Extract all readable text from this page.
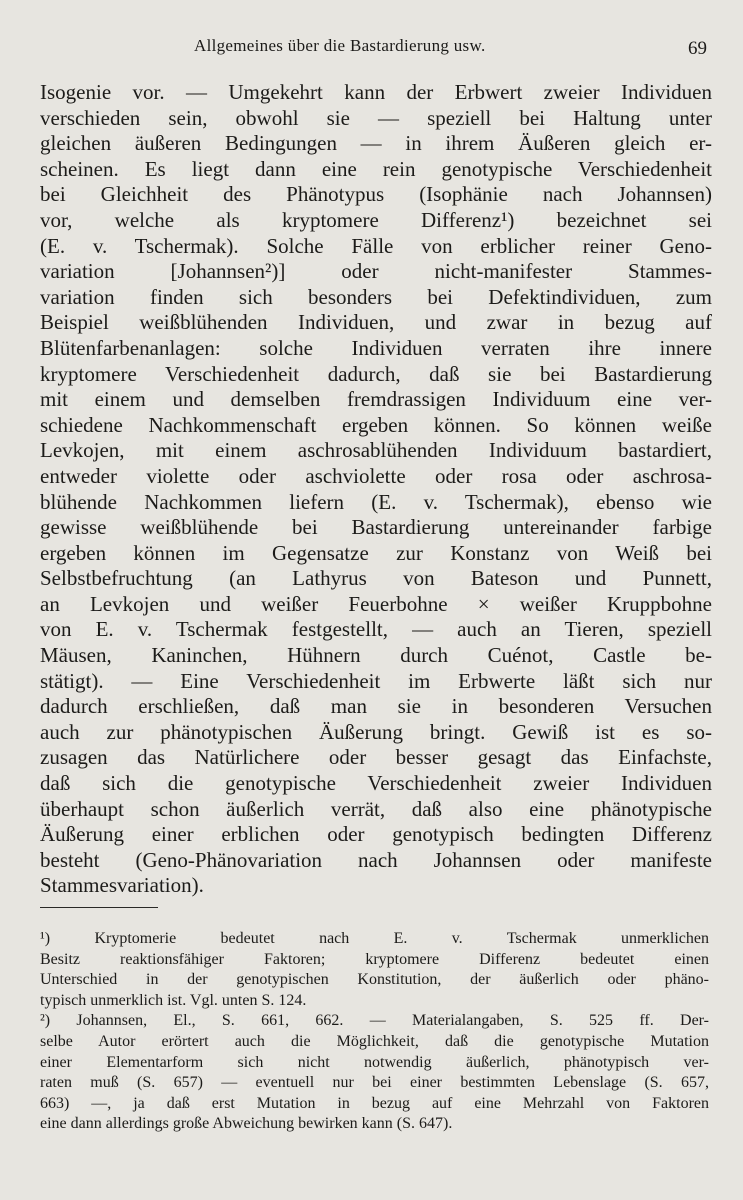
Allgemeines über die Bastardierung usw.	69
Isogenie vor. — Umgekehrt kann der Erbwert zweier Individuen
verschieden sein, obwohl sie — speziell bei Haltung unter
gleichen äußeren Bedingungen — in ihrem Äußeren gleich er-
scheinen. Es liegt dann eine rein genotypische Verschiedenheit
bei Gleichheit des Phänotypus (Isophänie nach Johannsen)
vor, welche als kryptomere Differenz¹) bezeichnet sei
(E. v. Tschermak). Solche Fälle von erblicher reiner Geno-
variation [Johannsen²)] oder nicht-manifester Stammes-
variation finden sich besonders bei Defektindividuen, zum
Beispiel weißblühenden Individuen, und zwar in bezug auf
Blütenfarbenanlagen: solche Individuen verraten ihre innere
kryptomere Verschiedenheit dadurch, daß sie bei Bastardierung
mit einem und demselben fremdrassigen Individuum eine ver-
schiedene Nachkommenschaft ergeben können. So können weiße
Levkojen, mit einem aschrosablühenden Individuum bastardiert,
entweder violette oder aschviolette oder rosa oder aschrosa-
blühende Nachkommen liefern (E. v. Tschermak), ebenso wie
gewisse weißblühende bei Bastardierung untereinander farbige
ergeben können im Gegensatze zur Konstanz von Weiß bei
Selbstbefruchtung (an Lathyrus von Bateson und Punnett,
an Levkojen und weißer Feuerbohne × weißer Kruppbohne
von E. v. Tschermak festgestellt, — auch an Tieren, speziell
Mäusen, Kaninchen, Hühnern durch Cuénot, Castle be-
stätigt). — Eine Verschiedenheit im Erbwerte läßt sich nur
dadurch erschließen, daß man sie in besonderen Versuchen
auch zur phänotypischen Äußerung bringt. Gewiß ist es so-
zusagen das Natürlichere oder besser gesagt das Einfachste,
daß sich die genotypische Verschiedenheit zweier Individuen
überhaupt schon äußerlich verrät, daß also eine phänotypische
Äußerung einer erblichen oder genotypisch bedingten Differenz
besteht (Geno-Phänovariation nach Johannsen oder manifeste
Stammesvariation).
¹) Kryptomerie bedeutet nach E. v. Tschermak unmerklichen
Besitz reaktionsfähiger Faktoren; kryptomere Differenz bedeutet einen
Unterschied in der genotypischen Konstitution, der äußerlich oder phäno-
typisch unmerklich ist. Vgl. unten S. 124.
²) Johannsen, El., S. 661, 662. — Materialangaben, S. 525 ff. Der-
selbe Autor erörtert auch die Möglichkeit, daß die genotypische Mutation
einer Elementarform sich nicht notwendig äußerlich, phänotypisch ver-
raten muß (S. 657) — eventuell nur bei einer bestimmten Lebenslage (S. 657,
663) —, ja daß erst Mutation in bezug auf eine Mehrzahl von Faktoren
eine dann allerdings große Abweichung bewirken kann (S. 647).
